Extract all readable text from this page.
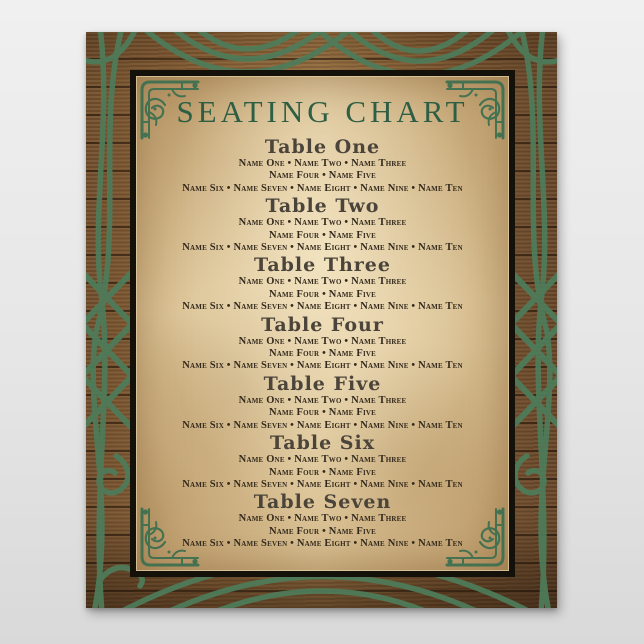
SEATING CHART
Table One

Name One • Name Two • Name Three

Name Four • Name Five

Name Six • Name Seven • Name Eight • Name Nine • Name Ten

Table Two

Name One • Name Two • Name Three

Name Four • Name Five

Name Six • Name Seven • Name Eight • Name Nine • Name Ten

Table Three

Name One • Name Two • Name Three

Name Four • Name Five

Name Six • Name Seven • Name Eight • Name Nine • Name Ten

Table Four

Name One • Name Two • Name Three

Name Four • Name Five

Name Six • Name Seven • Name Eight • Name Nine • Name Ten

Table Five

Name One • Name Two • Name Three

Name Four • Name Five

Name Six • Name Seven • Name Eight • Name Nine • Name Ten

Table Six

Name One • Name Two • Name Three

Name Four • Name Five

Name Six • Name Seven • Name Eight • Name Nine • Name Ten

Table Seven

Name One • Name Two • Name Three

Name Four • Name Five

Name Six • Name Seven • Name Eight • Name Nine • Name Ten
